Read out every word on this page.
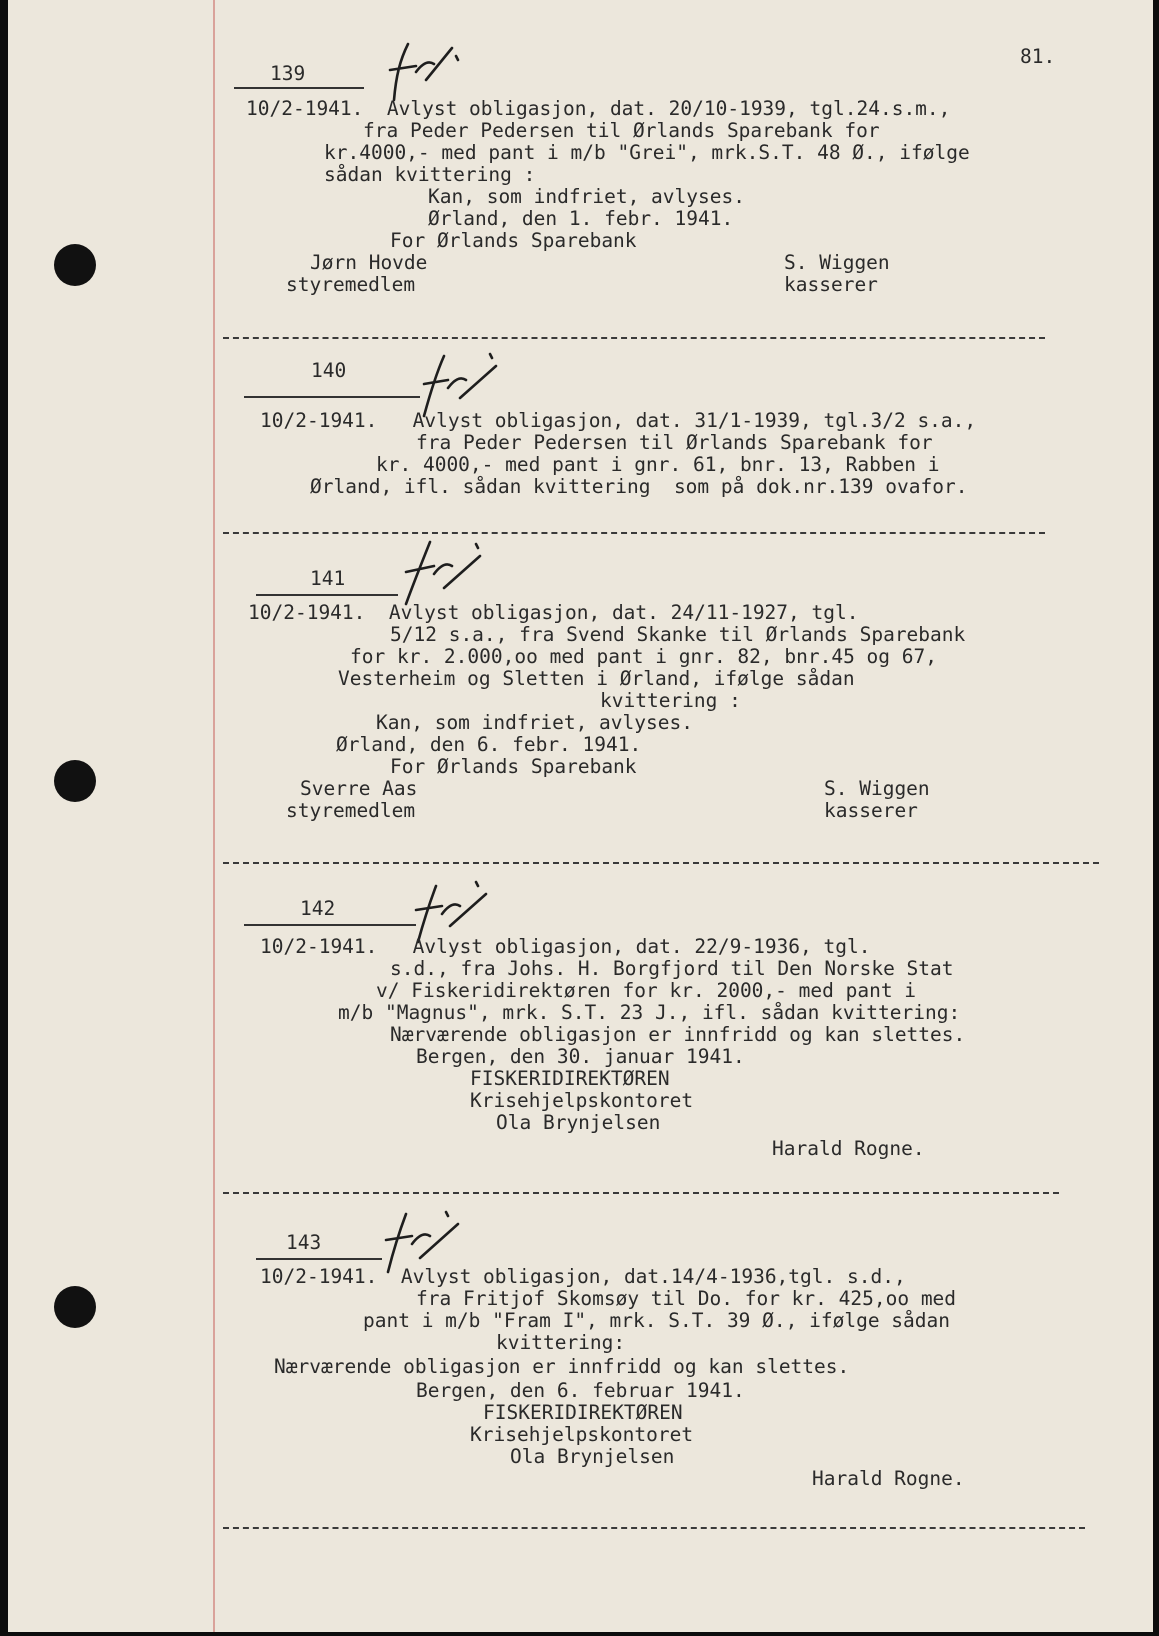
81.
139
10/2-1941.  Avlyst obligasjon, dat. 20/10-1939, tgl.24.s.m.,
fra Peder Pedersen til Ørlands Sparebank for
kr.4000,- med pant i m/b "Grei", mrk.S.T. 48 Ø., ifølge
sådan kvittering :
Kan, som indfriet, avlyses.
Ørland, den 1. febr. 1941.
For Ørlands Sparebank
Jørn Hovde	S. Wiggen
styremedlem	kasserer
140
10/2-1941.   Avlyst obligasjon, dat. 31/1-1939, tgl.3/2 s.a.,
fra Peder Pedersen til Ørlands Sparebank for
kr. 4000,- med pant i gnr. 61, bnr. 13, Rabben i
Ørland, ifl. sådan kvittering  som på dok.nr.139 ovafor.
141
10/2-1941.  Avlyst obligasjon, dat. 24/11-1927, tgl.
5/12 s.a., fra Svend Skanke til Ørlands Sparebank
for kr. 2.000,oo med pant i gnr. 82, bnr.45 og 67,
Vesterheim og Sletten i Ørland, ifølge sådan
kvittering :
Kan, som indfriet, avlyses.
Ørland, den 6. febr. 1941.
For Ørlands Sparebank
Sverre Aas	S. Wiggen
styremedlem	kasserer
142
10/2-1941.   Avlyst obligasjon, dat. 22/9-1936, tgl.
s.d., fra Johs. H. Borgfjord til Den Norske Stat
v/ Fiskeridirektøren for kr. 2000,- med pant i
m/b "Magnus", mrk. S.T. 23 J., ifl. sådan kvittering:
Nærværende obligasjon er innfridd og kan slettes.
Bergen, den 30. januar 1941.
FISKERIDIREKTØREN
Krisehjelpskontoret
Ola Brynjelsen
Harald Rogne.
143
10/2-1941.  Avlyst obligasjon, dat.14/4-1936,tgl. s.d.,
fra Fritjof Skomsøy til Do. for kr. 425,oo med
pant i m/b "Fram I", mrk. S.T. 39 Ø., ifølge sådan
kvittering:
Nærværende obligasjon er innfridd og kan slettes.
Bergen, den 6. februar 1941.
FISKERIDIREKTØREN
Krisehjelpskontoret
Ola Brynjelsen
Harald Rogne.
